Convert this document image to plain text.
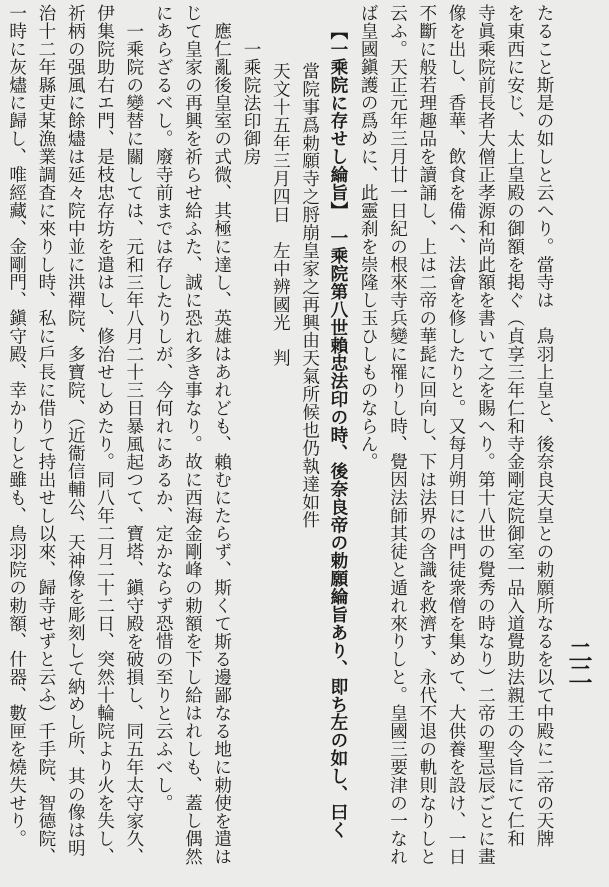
二二
たること斯是の如しと云へり。當寺は　鳥羽上皇と、後奈良天皇との勅願所なるを以て中殿に二帝の天牌
を東西に安じ、太上皇殿の御額を掲ぐ（貞享三年仁和寺金剛定院御室一品入道覺助法親王の令旨にて仁和
寺眞乘院前長者大僧正孝源和尚此額を書いて之を賜へり。第十八世の覺秀の時なり）二帝の聖忌辰ごとに畫
像を出し、香華、飲食を備へ、法會を修したりと。又每月朔日には門徒衆僧を集めて、大供養を設け、一日
不斷に般若理趣品を讀誦し、上は二帝の華髭に回向し、下は法界の含識を救濟す、永代不退の軌則なりしと
云ふ。天正元年三月廿一日紀の根來寺兵變に罹りし時、覺因法師其徒と遁れ來りしと。皇國三要津の一なれ
ば皇國鎭護の爲めに、此靈刹を崇隆し玉ひしものならん。
【一乘院に存せし綸旨】　一乘院第八世賴忠法印の時、後奈良帝の勅願綸旨あり、即ち左の如し、曰く
當院事爲勅願寺之脟崩皇家之再興由天氣所候也仍執達如件
天文十五年三月四日　左中辨國光　判
一乘院法印御房
應仁亂後皇室の式微、其極に達し、英雄はあれども、賴むにたらず、斯くて斯る邊鄙なる地に勅使を遣は
じて皇家の再興を祈らせ給ふた、誠に恐れ多き事なり。故に西海金剛峰の勅額を下し給はれしも、蓋し偶然
にあらざるべし。廢寺前までは存したりしが、今何れにあるか、定かならず恐惜の至りと云ふべし。
一乘院の變替に關しては、元和三年八月二十三日暴風起つて、寶塔、鎭守殿を破損し、同五年太守家久、
伊集院助右エ門、是枝忠存坊を遣はし、修治せしめたり。同八年二月二十二日、突然十輪院より火を失し、
祈柄の强風に餘燼は延々院中並に洪禪院、多寶院、（近衞信輔公、天神像を彫刻して納めし所、其の像は明
治十二年縣吏某漁業調査に來りし時、私に戶長に借りて持出せし以來、歸寺せずと云ふ）千手院、智德院、
一時に灰燼に歸し、唯經藏、金剛門、鎭守殿、幸かりしと雖も、鳥羽院の勅額、什器、數匣を燒失せり。
